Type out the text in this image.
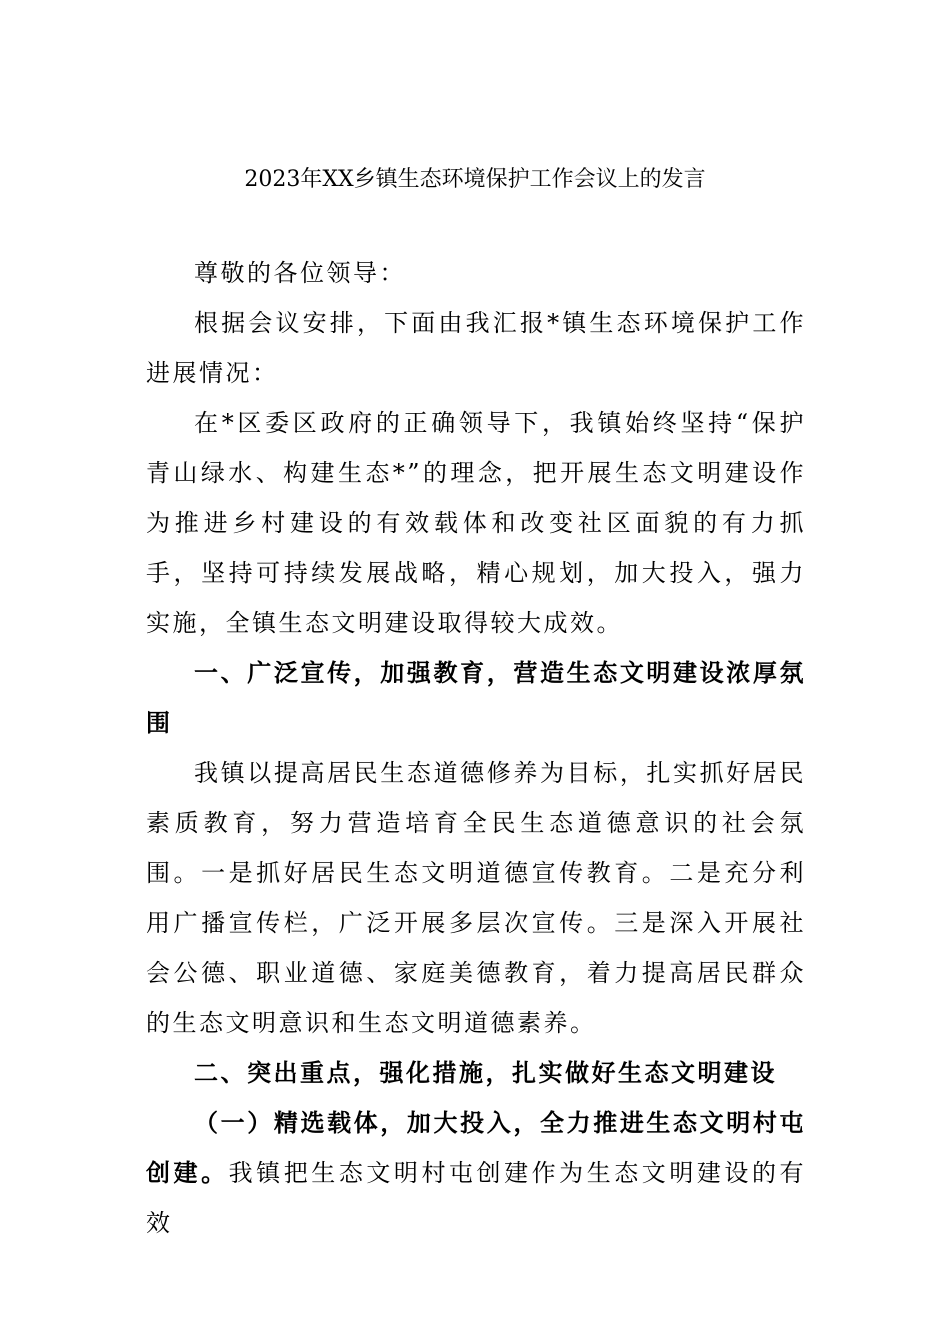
2023年XX乡镇生态环境保护工作会议上的发言

尊敬的各位领导：

根据会议安排，下面由我汇报*镇生态环境保护工作进展情况：

在*区委区政府的正确领导下，我镇始终坚持“保护青山绿水、构建生态*”的理念，把开展生态文明建设作为推进乡村建设的有效载体和改变社区面貌的有力抓手，坚持可持续发展战略，精心规划，加大投入，强力实施，全镇生态文明建设取得较大成效。

一、广泛宣传，加强教育，营造生态文明建设浓厚氛围

我镇以提高居民生态道德修养为目标，扎实抓好居民素质教育，努力营造培育全民生态道德意识的社会氛围。一是抓好居民生态文明道德宣传教育。二是充分利用广播宣传栏，广泛开展多层次宣传。三是深入开展社会公德、职业道德、家庭美德教育，着力提高居民群众的生态文明意识和生态文明道德素养。

二、突出重点，强化措施，扎实做好生态文明建设

（一）精选载体，加大投入，全力推进生态文明村屯创建。我镇把生态文明村屯创建作为生态文明建设的有效
